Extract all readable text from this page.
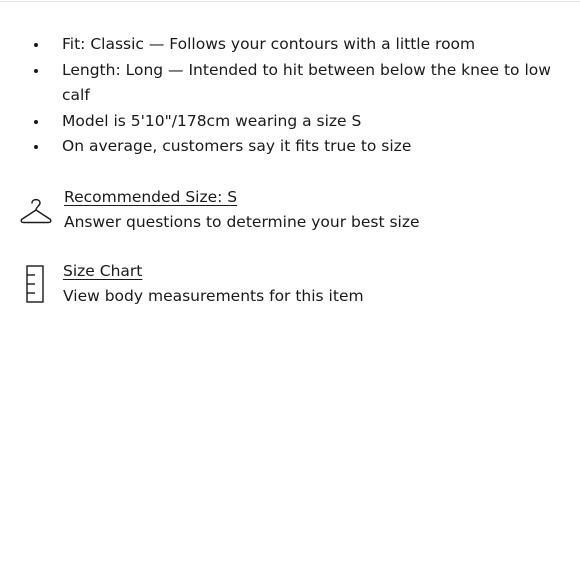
Fit: Classic — Follows your contours with a little room
Length: Long — Intended to hit between below the knee to low calf
Model is 5'10"/178cm wearing a size S
On average, customers say it fits true to size
Recommended Size: S
Answer questions to determine your best size
Size Chart
View body measurements for this item
